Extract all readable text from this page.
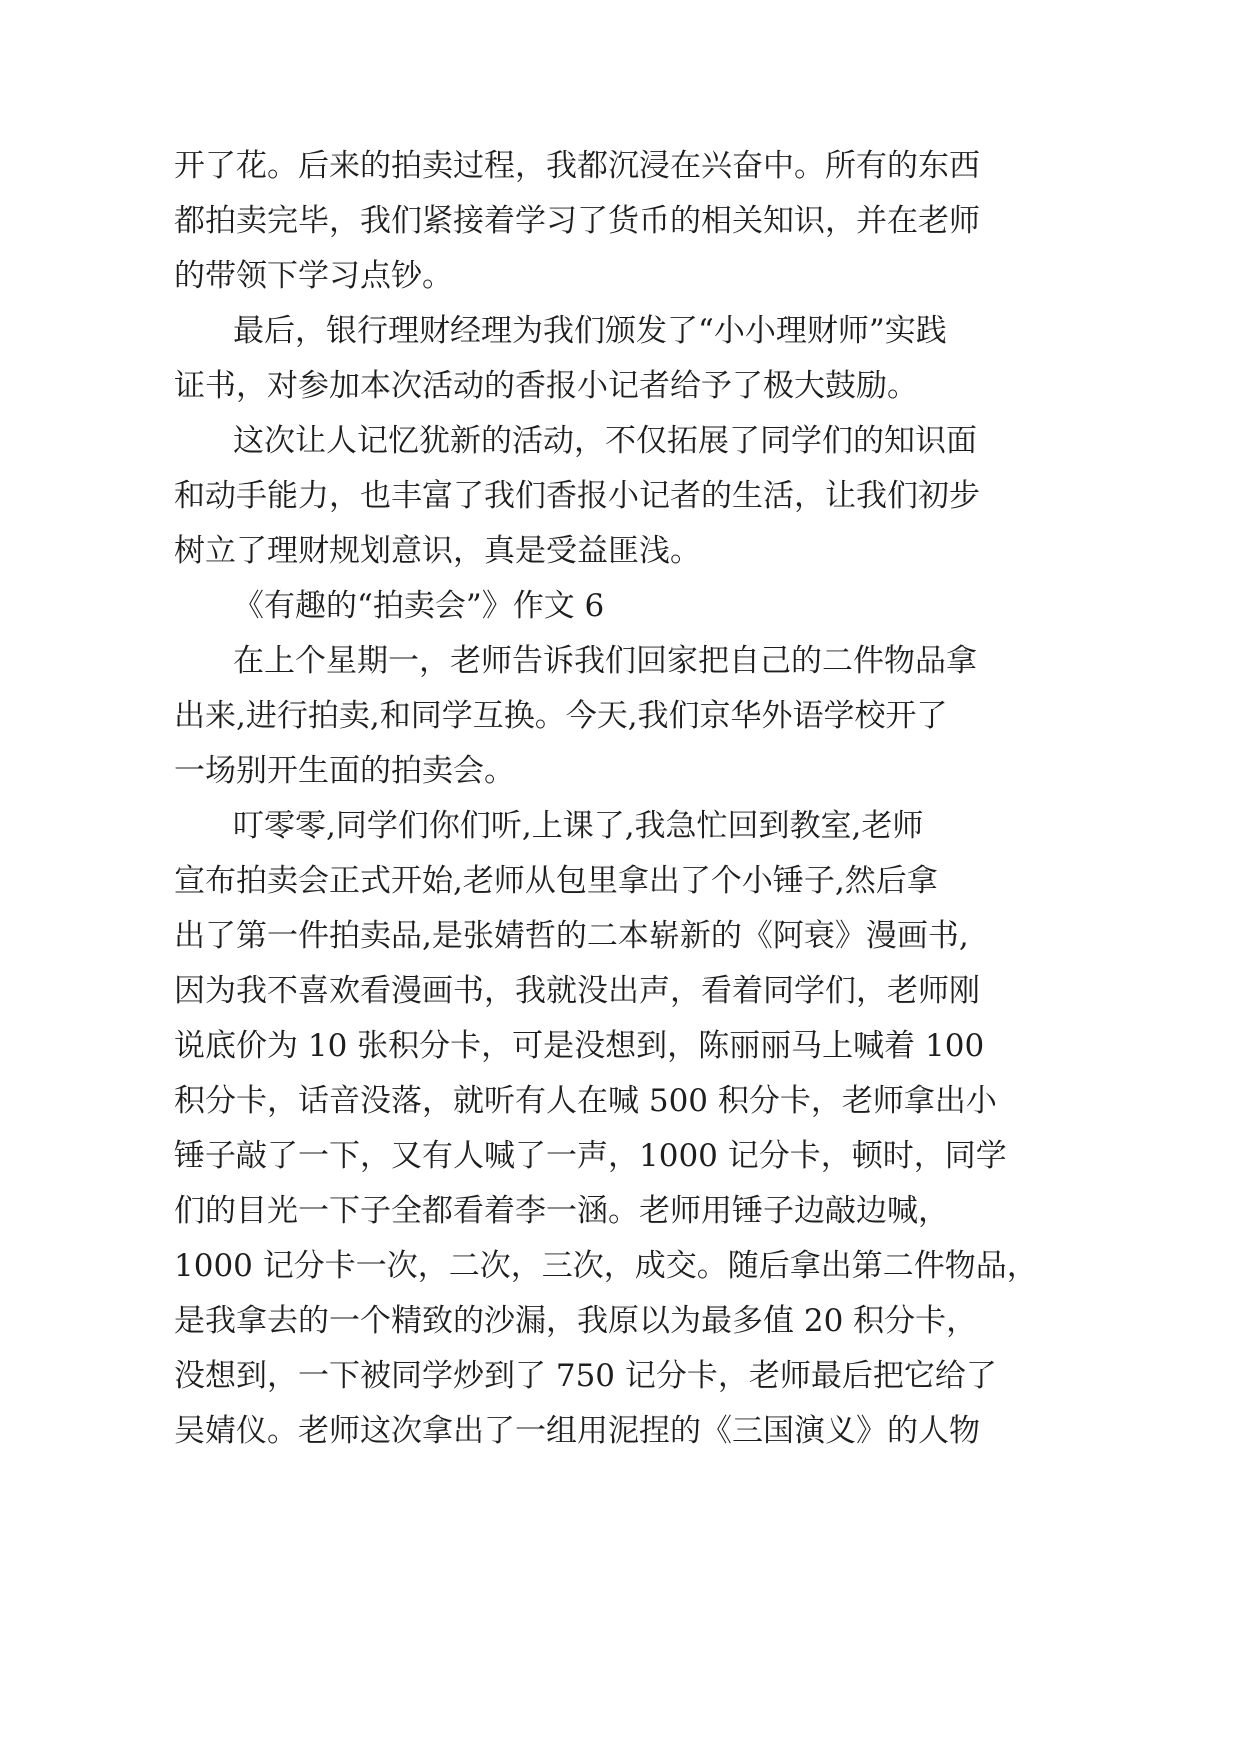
开了花。后来的拍卖过程，我都沉浸在兴奋中。所有的东西
都拍卖完毕，我们紧接着学习了货币的相关知识，并在老师
的带领下学习点钞。
最后，银行理财经理为我们颁发了“小小理财师”实践
证书，对参加本次活动的香报小记者给予了极大鼓励。
这次让人记忆犹新的活动，不仅拓展了同学们的知识面
和动手能力，也丰富了我们香报小记者的生活，让我们初步
树立了理财规划意识，真是受益匪浅。
《有趣的“拍卖会”》作文 6
在上个星期一，老师告诉我们回家把自己的二件物品拿
出来,进行拍卖,和同学互换。今天,我们京华外语学校开了
一场别开生面的拍卖会。
叮零零,同学们你们听,上课了,我急忙回到教室,老师
宣布拍卖会正式开始,老师从包里拿出了个小锤子,然后拿
出了第一件拍卖品,是张婧哲的二本崭新的《阿衰》漫画书,
因为我不喜欢看漫画书，我就没出声，看着同学们，老师刚
说底价为 10 张积分卡，可是没想到，陈丽丽马上喊着 100
积分卡，话音没落，就听有人在喊 500 积分卡，老师拿出小
锤子敲了一下，又有人喊了一声，1000 记分卡，顿时，同学
们的目光一下子全都看着李一涵。老师用锤子边敲边喊，
1000 记分卡一次，二次，三次，成交。随后拿出第二件物品，
是我拿去的一个精致的沙漏，我原以为最多值 20 积分卡，
没想到，一下被同学炒到了 750 记分卡，老师最后把它给了
吴婧仪。老师这次拿出了一组用泥捏的《三国演义》的人物
